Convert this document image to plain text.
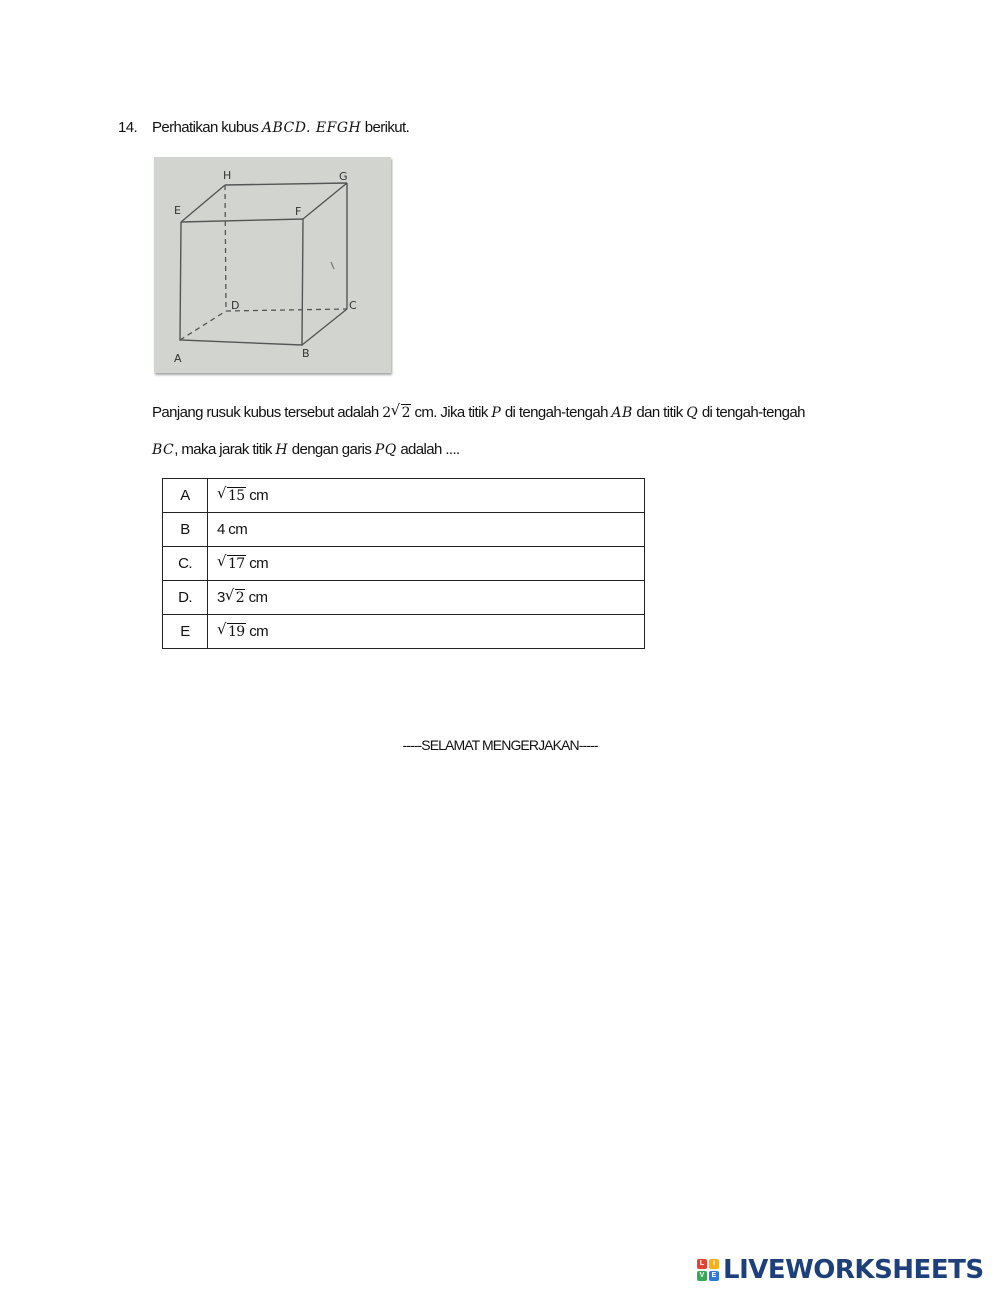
14. Perhatikan kubus ABCD. EFGH berikut.
H	G
E	F
D	C
A	B
Panjang rusuk kubus tersebut adalah 2 √ 2 cm. Jika titik P di tengah-tengah AB dan titik Q di tengah-tengah
BC, maka jarak titik H dengan garis PQ adalah ....
A	√ 15 cm
B	4 cm
C.	√ 17 cm
D.	3 √ 2 cm
E	√ 19 cm
-----SELAMAT MENGERJAKAN-----
L	I
V	E LIVEWORKSHEETS
